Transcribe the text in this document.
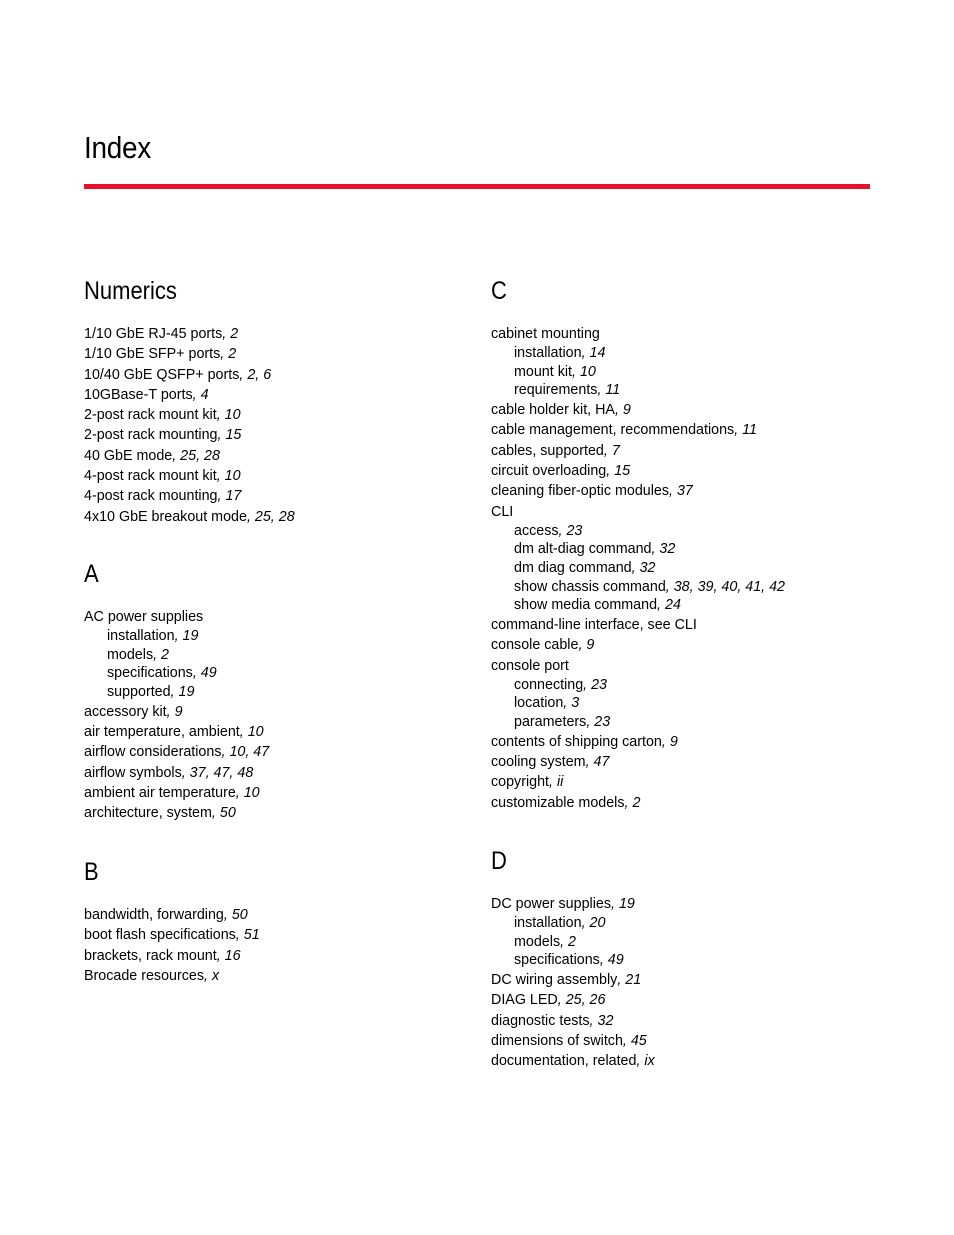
Index
Numerics
1/10 GbE RJ-45 ports, 2
1/10 GbE SFP+ ports, 2
10/40 GbE QSFP+ ports, 2, 6
10GBase-T ports, 4
2-post rack mount kit, 10
2-post rack mounting, 15
40 GbE mode, 25, 28
4-post rack mount kit, 10
4-post rack mounting, 17
4x10 GbE breakout mode, 25, 28
A
AC power supplies
installation, 19
models, 2
specifications, 49
supported, 19
accessory kit, 9
air temperature, ambient, 10
airflow considerations, 10, 47
airflow symbols, 37, 47, 48
ambient air temperature, 10
architecture, system, 50
B
bandwidth, forwarding, 50
boot flash specifications, 51
brackets, rack mount, 16
Brocade resources, x
C
cabinet mounting
installation, 14
mount kit, 10
requirements, 11
cable holder kit, HA, 9
cable management, recommendations, 11
cables, supported, 7
circuit overloading, 15
cleaning fiber-optic modules, 37
CLI
access, 23
dm alt-diag command, 32
dm diag command, 32
show chassis command, 38, 39, 40, 41, 42
show media command, 24
command-line interface, see CLI
console cable, 9
console port
connecting, 23
location, 3
parameters, 23
contents of shipping carton, 9
cooling system, 47
copyright, ii
customizable models, 2
D
DC power supplies, 19
installation, 20
models, 2
specifications, 49
DC wiring assembly, 21
DIAG LED, 25, 26
diagnostic tests, 32
dimensions of switch, 45
documentation, related, ix
